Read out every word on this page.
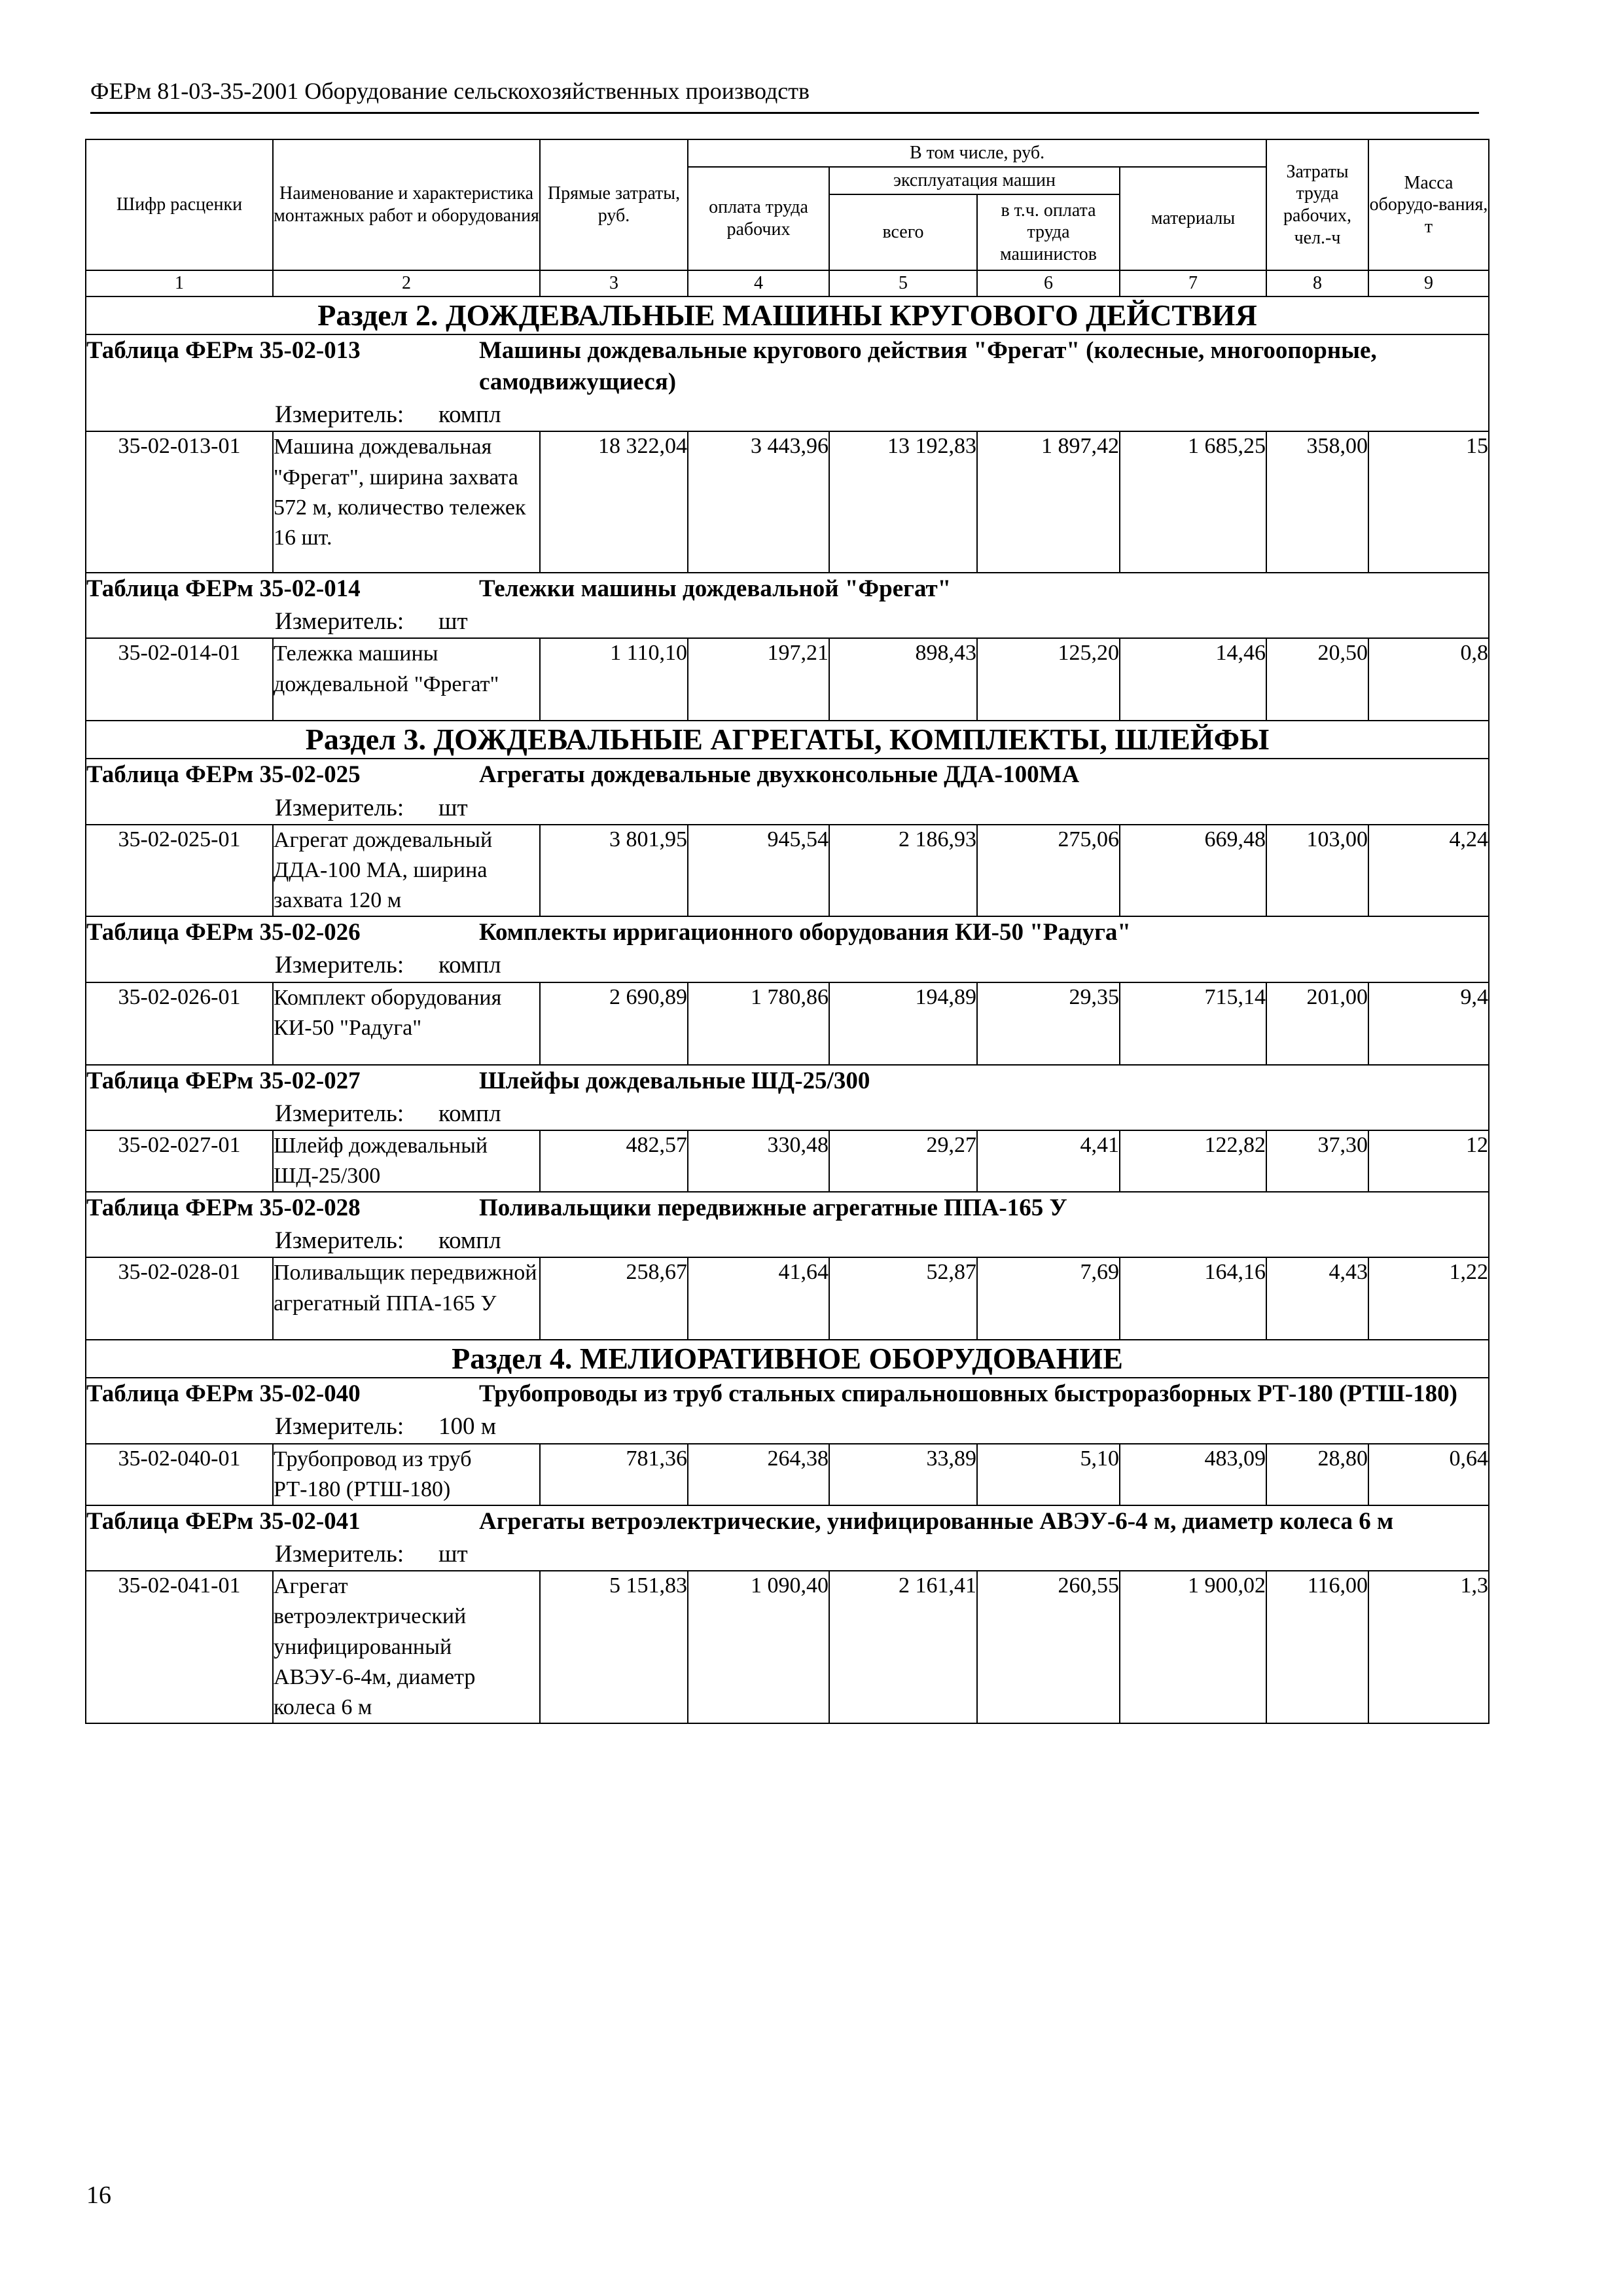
ФЕРм 81-03-35-2001 Оборудование сельскохозяйственных производств
Шифр расценки	Наименование и характеристика монтажных работ и оборудования	Прямые затраты, руб.	В том числе, руб.				Затраты труда рабочих, чел.-ч	Масса оборудо-вания, т
			оплата труда рабочих	эксплуатация машин		материалы		
				всего	в т.ч. оплата труда машинистов			
1	2	3	4	5	6	7	8	9
Раздел 2. ДОЖДЕВАЛЬНЫЕ МАШИНЫ КРУГОВОГО ДЕЙСТВИЯ								

Таблица ФЕРм 35-02-013 Машины дождевальные кругового действия "Фрегат" (колесные, многоопорные, самодвижущиеся)
Измеритель: компл								

35-02-013-01	Машина дождевальная "Фрегат", ширина захвата 572 м, количество тележек 16 шт.	18 322,04	3 443,96	13 192,83	1 897,42	1 685,25	358,00	15

Таблица ФЕРм 35-02-014 Тележки машины дождевальной "Фрегат"
Измеритель: шт								

35-02-014-01	Тележка машины дождевальной "Фрегат"	1 110,10	197,21	898,43	125,20	14,46	20,50	0,8
Раздел 3. ДОЖДЕВАЛЬНЫЕ АГРЕГАТЫ, КОМПЛЕКТЫ, ШЛЕЙФЫ								

Таблица ФЕРм 35-02-025 Агрегаты дождевальные двухконсольные ДДА-100МА
Измеритель: шт								

35-02-025-01	Агрегат дождевальный ДДА-100 МА, ширина захвата 120 м	3 801,95	945,54	2 186,93	275,06	669,48	103,00	4,24

Таблица ФЕРм 35-02-026 Комплекты ирригационного оборудования КИ-50 "Радуга"
Измеритель: компл								

35-02-026-01	Комплект оборудования КИ-50 "Радуга"	2 690,89	1 780,86	194,89	29,35	715,14	201,00	9,4

Таблица ФЕРм 35-02-027 Шлейфы дождевальные ШД-25/300
Измеритель: компл								

35-02-027-01	Шлейф дождевальный ШД-25/300	482,57	330,48	29,27	4,41	122,82	37,30	12

Таблица ФЕРм 35-02-028 Поливальщики передвижные агрегатные ППА-165 У
Измеритель: компл								

35-02-028-01	Поливальщик передвижной агрегатный ППА-165 У	258,67	41,64	52,87	7,69	164,16	4,43	1,22
Раздел 4. МЕЛИОРАТИВНОЕ ОБОРУДОВАНИЕ								

Таблица ФЕРм 35-02-040 Трубопроводы из труб стальных спиральношовных быстроразборных РТ-180 (РТШ-180)
Измеритель: 100 м								

35-02-040-01	Трубопровод из труб РТ-180 (РТШ-180)	781,36	264,38	33,89	5,10	483,09	28,80	0,64

Таблица ФЕРм 35-02-041 Агрегаты ветроэлектрические, унифицированные АВЭУ-6-4 м, диаметр колеса 6 м
Измеритель: шт								

35-02-041-01	Агрегат ветроэлектрический унифицированный АВЭУ-6-4м, диаметр колеса 6 м	5 151,83	1 090,40	2 161,41	260,55	1 900,02	116,00	1,3
16
